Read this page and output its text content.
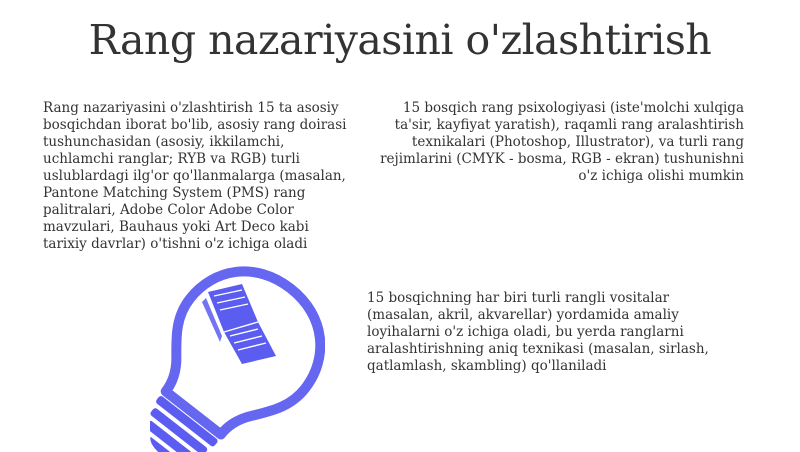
Rang nazariyasini o'zlashtirish
Rang nazariyasini o'zlashtirish 15 ta asosiy bosqichdan iborat bo'lib, asosiy rang doirasi tushunchasidan (asosiy, ikkilamchi, uchlamchi ranglar; RYB va RGB) turli uslublardagi ilg'or qo'llanmalarga (masalan, Pantone Matching System (PMS) rang palitralari, Adobe Color Adobe Color mavzulari, Bauhaus yoki Art Deco kabi tarixiy davrlar) o'tishni o'z ichiga oladi
15 bosqich rang psixologiyasi (iste'molchi xulqiga ta'sir, kayfiyat yaratish), raqamli rang aralashtirish texnikalari (Photoshop, Illustrator), va turli rang rejimlarini (CMYK - bosma, RGB - ekran) tushunishni o'z ichiga olishi mumkin
15 bosqichning har biri turli rangli vositalar (masalan, akril, akvarellar) yordamida amaliy loyihalarni o'z ichiga oladi, bu yerda ranglarni aralashtirishning aniq texnikasi (masalan, sirlash, qatlamlash, skambling) qo'llaniladi
